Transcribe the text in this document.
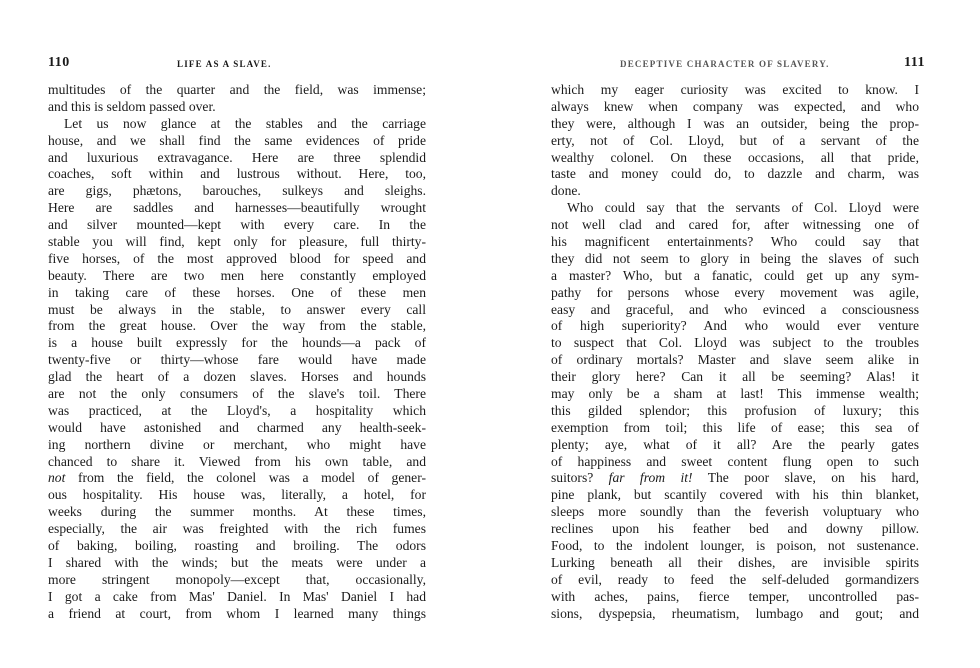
110	LIFE AS A SLAVE.
multitudes of the quarter and the field, was immense;
and this is seldom passed over.
Let us now glance at the stables and the carriage
house, and we shall find the same evidences of pride
and luxurious extravagance. Here are three splendid
coaches, soft within and lustrous without. Here, too,
are gigs, phætons, barouches, sulkeys and sleighs.
Here are saddles and harnesses—beautifully wrought
and silver mounted—kept with every care. In the
stable you will find, kept only for pleasure, full thirty-
five horses, of the most approved blood for speed and
beauty. There are two men here constantly employed
in taking care of these horses. One of these men
must be always in the stable, to answer every call
from the great house. Over the way from the stable,
is a house built expressly for the hounds—a pack of
twenty-five or thirty—whose fare would have made
glad the heart of a dozen slaves. Horses and hounds
are not the only consumers of the slave's toil. There
was practiced, at the Lloyd's, a hospitality which
would have astonished and charmed any health-seek-
ing northern divine or merchant, who might have
chanced to share it. Viewed from his own table, and
not from the field, the colonel was a model of gener-
ous hospitality. His house was, literally, a hotel, for
weeks during the summer months. At these times,
especially, the air was freighted with the rich fumes
of baking, boiling, roasting and broiling. The odors
I shared with the winds; but the meats were under a
more stringent monopoly—except that, occasionally,
I got a cake from Mas' Daniel. In Mas' Daniel I had
a friend at court, from whom I learned many things
DECEPTIVE CHARACTER OF SLAVERY.	111
which my eager curiosity was excited to know. I
always knew when company was expected, and who
they were, although I was an outsider, being the prop-
erty, not of Col. Lloyd, but of a servant of the
wealthy colonel. On these occasions, all that pride,
taste and money could do, to dazzle and charm, was
done.
Who could say that the servants of Col. Lloyd were
not well clad and cared for, after witnessing one of
his magnificent entertainments? Who could say that
they did not seem to glory in being the slaves of such
a master? Who, but a fanatic, could get up any sym-
pathy for persons whose every movement was agile,
easy and graceful, and who evinced a consciousness
of high superiority? And who would ever venture
to suspect that Col. Lloyd was subject to the troubles
of ordinary mortals? Master and slave seem alike in
their glory here? Can it all be seeming? Alas! it
may only be a sham at last! This immense wealth;
this gilded splendor; this profusion of luxury; this
exemption from toil; this life of ease; this sea of
plenty; aye, what of it all? Are the pearly gates
of happiness and sweet content flung open to such
suitors? far from it! The poor slave, on his hard,
pine plank, but scantily covered with his thin blanket,
sleeps more soundly than the feverish voluptuary who
reclines upon his feather bed and downy pillow.
Food, to the indolent lounger, is poison, not sustenance.
Lurking beneath all their dishes, are invisible spirits
of evil, ready to feed the self-deluded gormandizers
with aches, pains, fierce temper, uncontrolled pas-
sions, dyspepsia, rheumatism, lumbago and gout; and
